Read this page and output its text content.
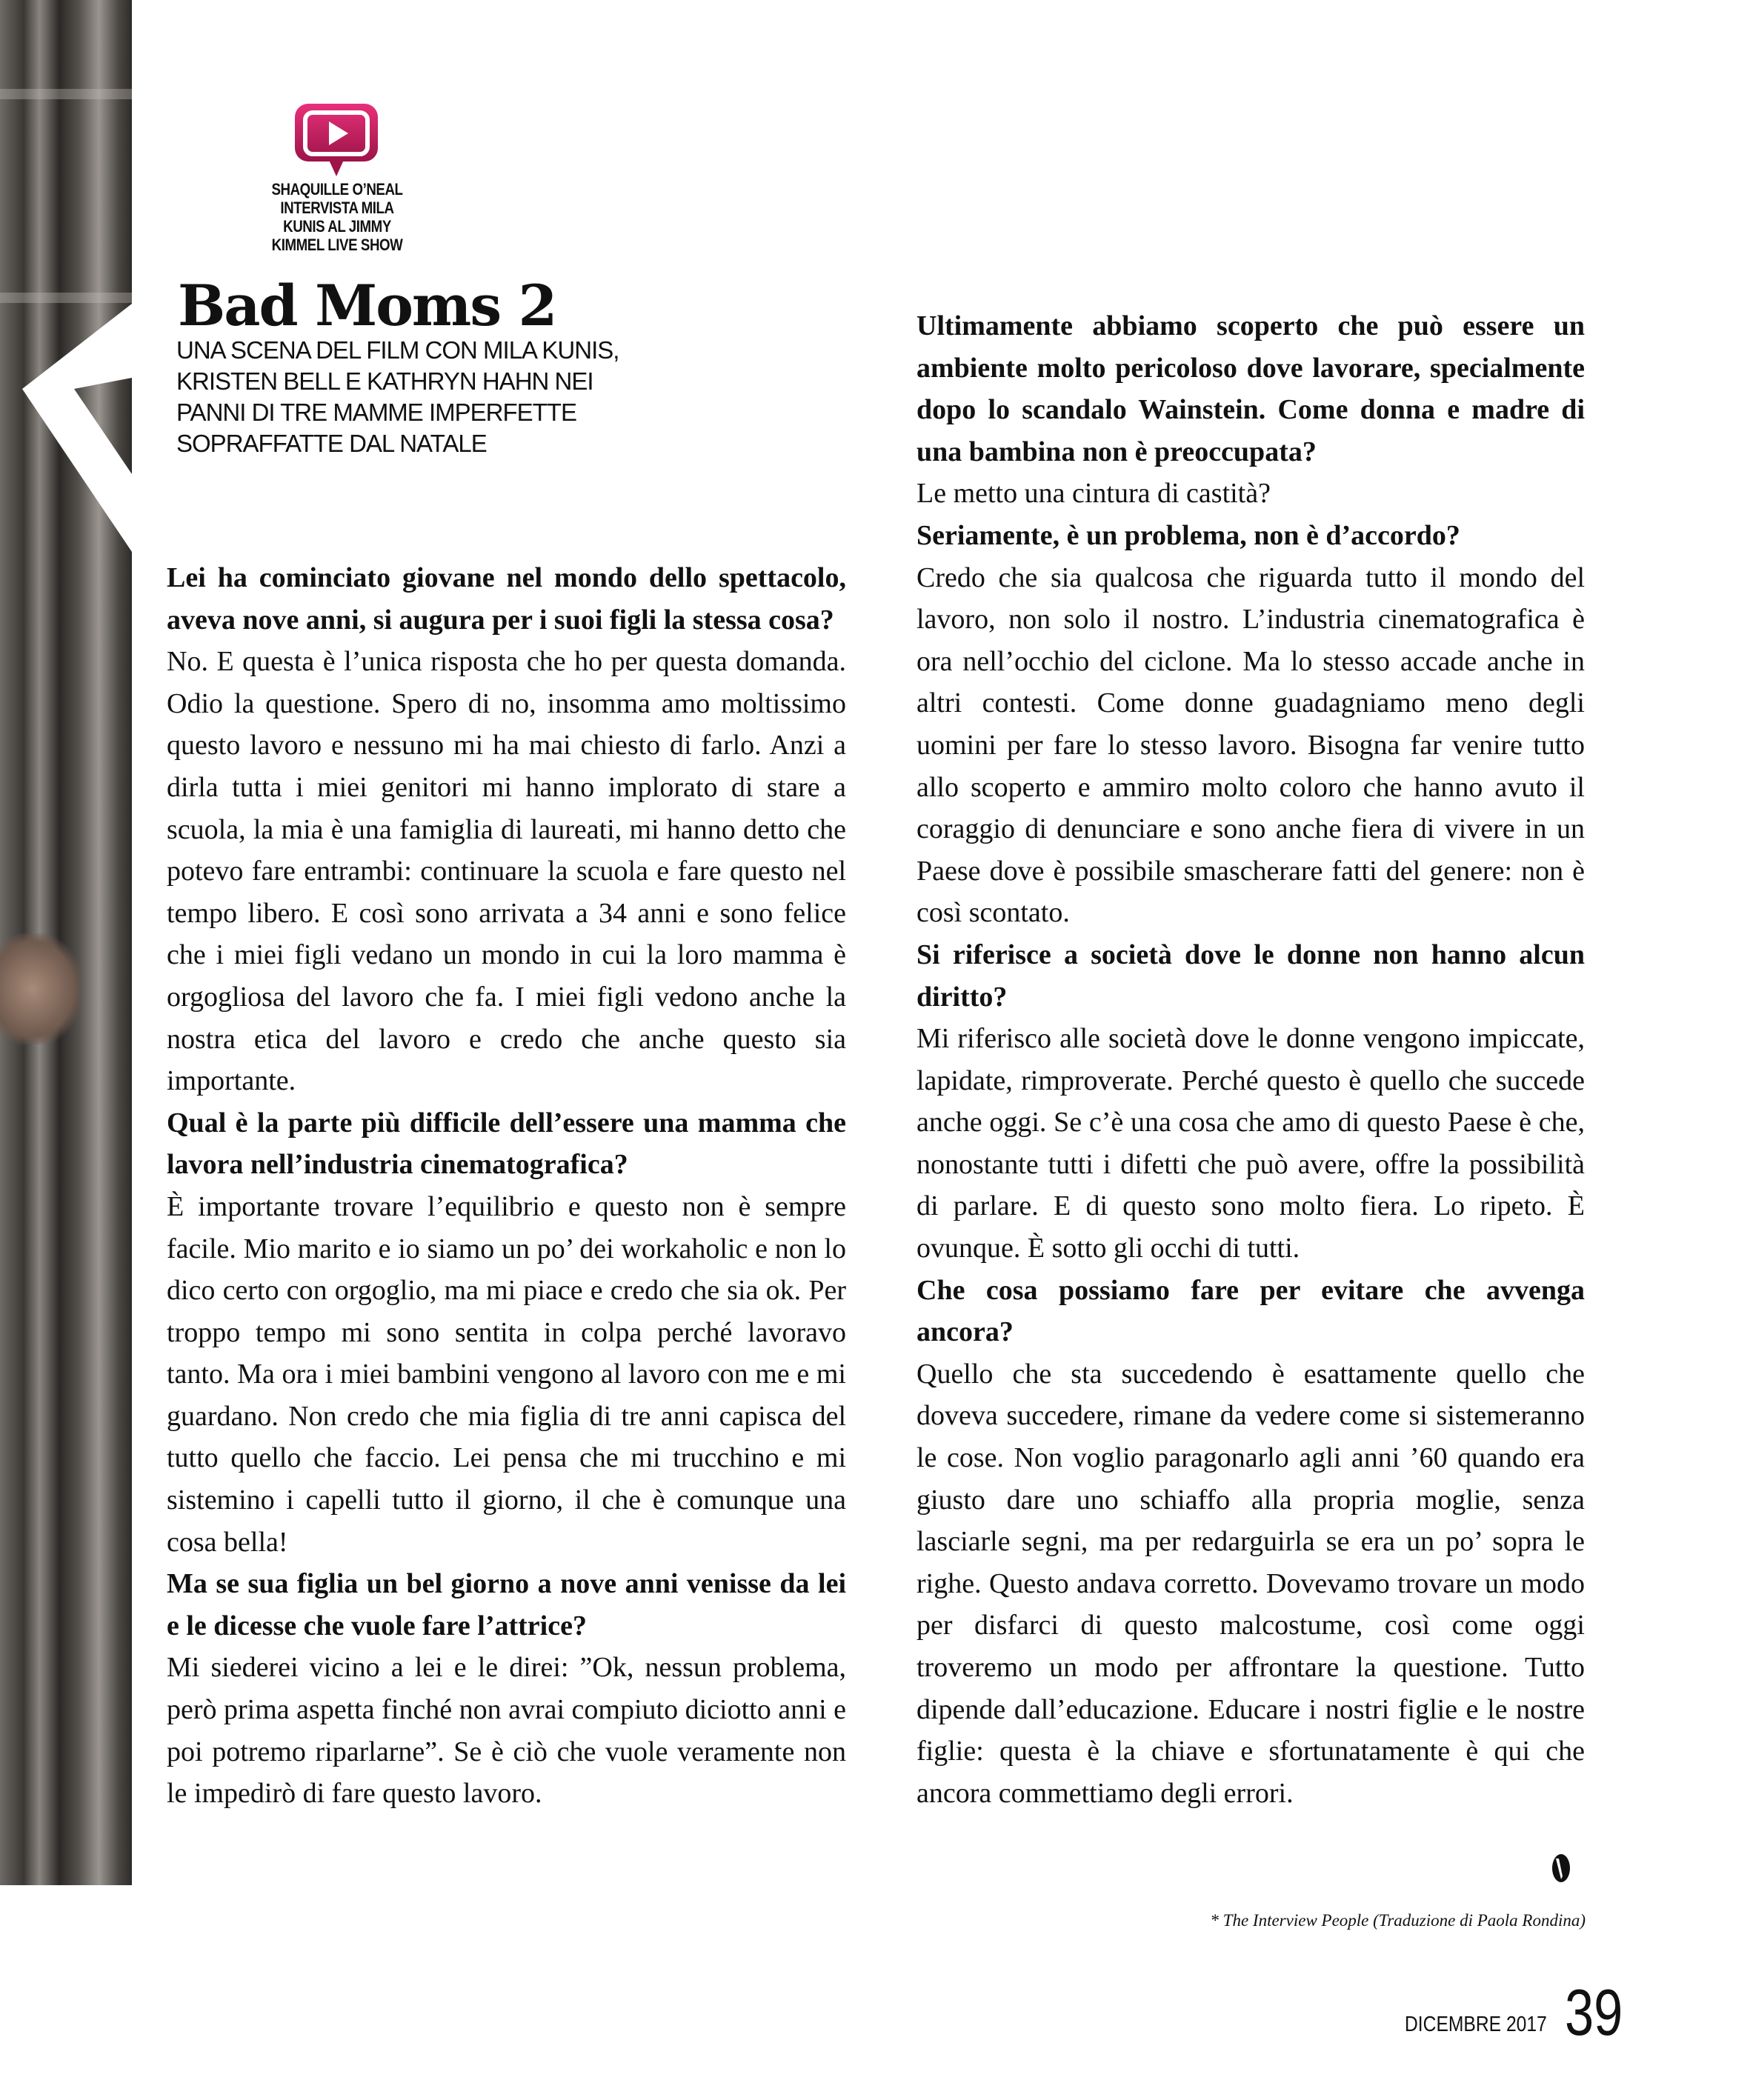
SHAQUILLE O’NEAL
INTERVISTA MILA
KUNIS AL JIMMY
KIMMEL LIVE SHOW
Bad Moms 2
UNA SCENA DEL FILM CON MILA KUNIS, KRISTEN BELL E KATHRYN HAHN NEI PANNI DI TRE MAMME IMPERFETTE SOPRAFFATTE DAL NATALE

Lei ha cominciato giovane nel mondo dello spettacolo, aveva nove anni, si augura per i suoi figli la stessa cosa?

No. E questa è l’unica risposta che ho per questa domanda. Odio la questione. Spero di no, insomma amo moltissimo questo lavoro e nessuno mi ha mai chiesto di farlo. Anzi a dirla tutta i miei genitori mi hanno implorato di stare a scuola, la mia è una famiglia di laureati, mi hanno detto che potevo fare entrambi: continuare la scuola e fare questo nel tempo libero. E così sono arrivata a 34 anni e sono felice che i miei figli vedano un mondo in cui la loro mamma è orgogliosa del lavoro che fa. I miei figli vedono anche la nostra etica del lavoro e credo che anche questo sia importante.

Qual è la parte più difficile dell’essere una mamma che lavora nell’industria cinematografica?

È importante trovare l’equilibrio e questo non è sempre facile. Mio marito e io siamo un po’ dei workaholic e non lo dico certo con orgoglio, ma mi piace e credo che sia ok. Per troppo tempo mi sono sentita in colpa perché lavoravo tanto. Ma ora i miei bambini vengono al lavoro con me e mi guardano. Non credo che mia figlia di tre anni capisca del tutto quello che faccio. Lei pensa che mi trucchino e mi sistemino i capelli tutto il giorno, il che è comunque una cosa bella!

Ma se sua figlia un bel giorno a nove anni venisse da lei e le dicesse che vuole fare l’attrice?

Mi siederei vicino a lei e le direi: ”Ok, nessun problema, però prima aspetta finché non avrai compiuto diciotto anni e poi potremo riparlarne”. Se è ciò che vuole veramente non le impedirò di fare questo lavoro.

Ultimamente abbiamo scoperto che può essere un ambiente molto pericoloso dove lavorare, specialmente dopo lo scandalo Wainstein. Come donna e madre di una bambina non è preoccupata?

Le metto una cintura di castità?

Seriamente, è un problema, non è d’accordo?

Credo che sia qualcosa che riguarda tutto il mondo del lavoro, non solo il nostro. L’industria cinematografica è ora nell’occhio del ciclone. Ma lo stesso accade anche in altri contesti. Come donne guadagniamo meno degli uomini per fare lo stesso lavoro. Bisogna far venire tutto allo scoperto e ammiro molto coloro che hanno avuto il coraggio di denunciare e sono anche fiera di vivere in un Paese dove è possibile smascherare fatti del genere: non è così scontato.

Si riferisce a società dove le donne non hanno alcun diritto?

Mi riferisco alle società dove le donne vengono impiccate, lapidate, rimproverate. Perché questo è quello che succede anche oggi. Se c’è una cosa che amo di questo Paese è che, nonostante tutti i difetti che può avere, offre la possibilità di parlare. E di questo sono molto fiera. Lo ripeto. È ovunque. È sotto gli occhi di tutti.

Che cosa possiamo fare per evitare che avvenga ancora?

Quello che sta succedendo è esattamente quello che doveva succedere, rimane da vedere come si sistemeranno le cose. Non voglio paragonarlo agli anni ’60 quando era giusto dare uno schiaffo alla propria moglie, senza lasciarle segni, ma per redarguirla se era un po’ sopra le righe. Questo andava corretto. Dovevamo trovare un modo per disfarci di questo malcostume, così come oggi troveremo un modo per affrontare la questione. Tutto dipende dall’educazione. Educare i nostri figlie e le nostre figlie: questa è la chiave e sfortunatamente è qui che ancora commettiamo degli errori.

* The Interview People (Traduzione di Paola Rondina)
DICEMBRE 2017 39
